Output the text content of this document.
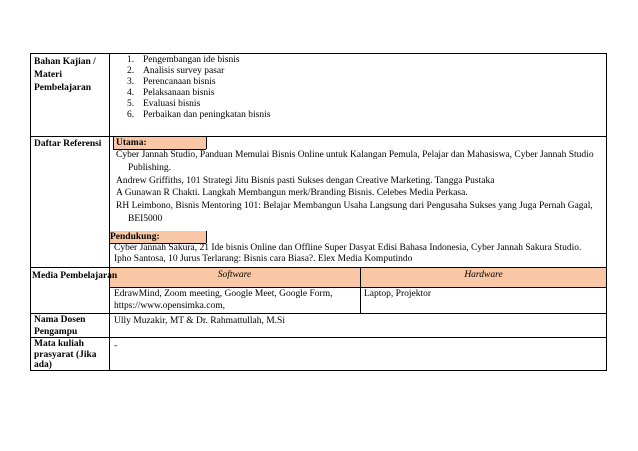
Bahan Kajian /
Materi
Pembelajaran
1. Pengembangan ide bisnis
2. Analisis survey pasar
3. Perencanaan bisnis
4. Pelaksanaan bisnis
5. Evaluasi bisnis
6. Perbaikan dan peningkatan bisnis
Daftar Referensi Utama:
Cyber Jannah Studio, Panduan Memulai Bisnis Online untuk Kalangan Pemula, Pelajar dan Mahasiswa, Cyber Jannah Studio
Publishing.
Andrew Griffiths, 101 Strategi Jitu Bisnis pasti Sukses dengan Creative Marketing. Tangga Pustaka
A Gunawan R Chakti. Langkah Membangun merk/Branding Bisnis. Celebes Media Perkasa.
RH Leimbono, Bisnis Mentoring 101: Belajar Membangun Usaha Langsung dari Pengusaha Sukses yang Juga Pernah Gagal,
BEI5000
Pendukung:
Cyber Jannah Sakura, 21 Ide bisnis Online dan Offline Super Dasyat Edisi Bahasa Indonesia, Cyber Jannah Sakura Studio.
Ipho Santosa, 10 Jurus Terlarang: Bisnis cara Biasa?. Elex Media Komputindo
Media Pembelajaran	Software	Hardware
EdrawMind, Zoom meeting, Google Meet, Google Form,
https://www.opensimka.com,
Laptop, Projektor
Nama Dosen
Pengampu
Ully Muzakir, MT & Dr. Rahmattullah, M.Si
Mata kuliah
prasyarat (Jika
ada)
-
